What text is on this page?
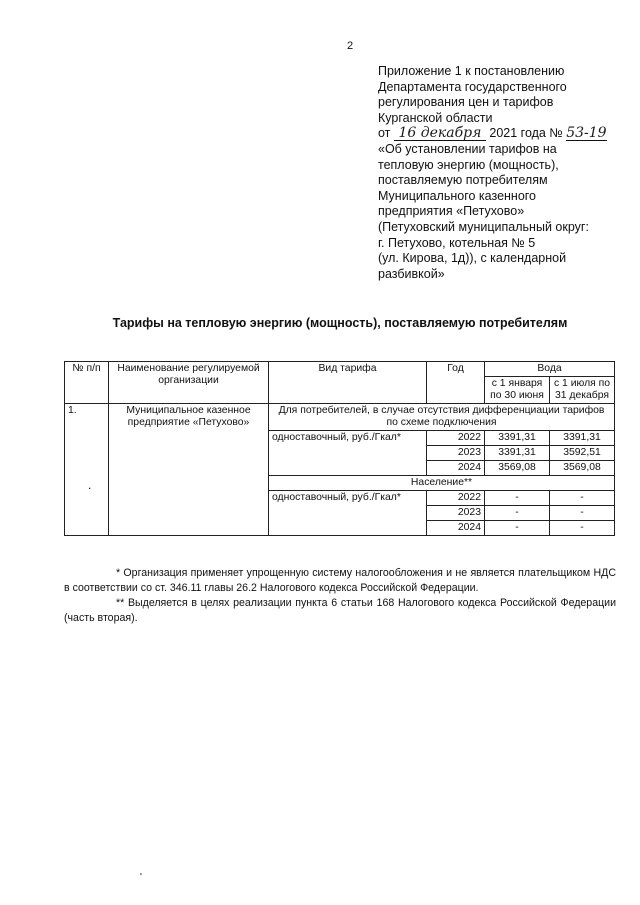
2
Приложение 1 к постановлению
Департамента государственного
регулирования цен и тарифов
Курганской области
от 16 декабря 2021 года № 53-19
«Об установлении тарифов на
тепловую энергию (мощность),
поставляемую потребителям
Муниципального казенного
предприятия «Петухово»
(Петуховский муниципальный округ:
г. Петухово, котельная № 5
(ул. Кирова, 1д)), с календарной
разбивкой»
Тарифы на тепловую энергию (мощность), поставляемую потребителям
№ п/п	Наименование регулируемой организации	Вид тарифа	Год	Вода	
				с 1 января по 30 июня	с 1 июля по 31 декабря
1.	Муниципальное казенное предприятие «Петухово»	Для потребителей, в случае отсутствия дифференциации тарифов по схеме подключения			
		одноставочный, руб./Гкал*	2022	3391,31	3391,31
			2023	3391,31	3592,51
			2024	3569,08	3569,08
		Население**			
		одноставочный, руб./Гкал*	2022	-	-
			2023	-	-
			2024	-	-
.

* Организация применяет упрощенную систему налогообложения и не является плательщиком НДС в соответствии со ст. 346.11 главы 26.2 Налогового кодекса Российской Федерации.

** Выделяется в целях реализации пункта 6 статьи 168 Налогового кодекса Российской Федерации (часть вторая).

'
